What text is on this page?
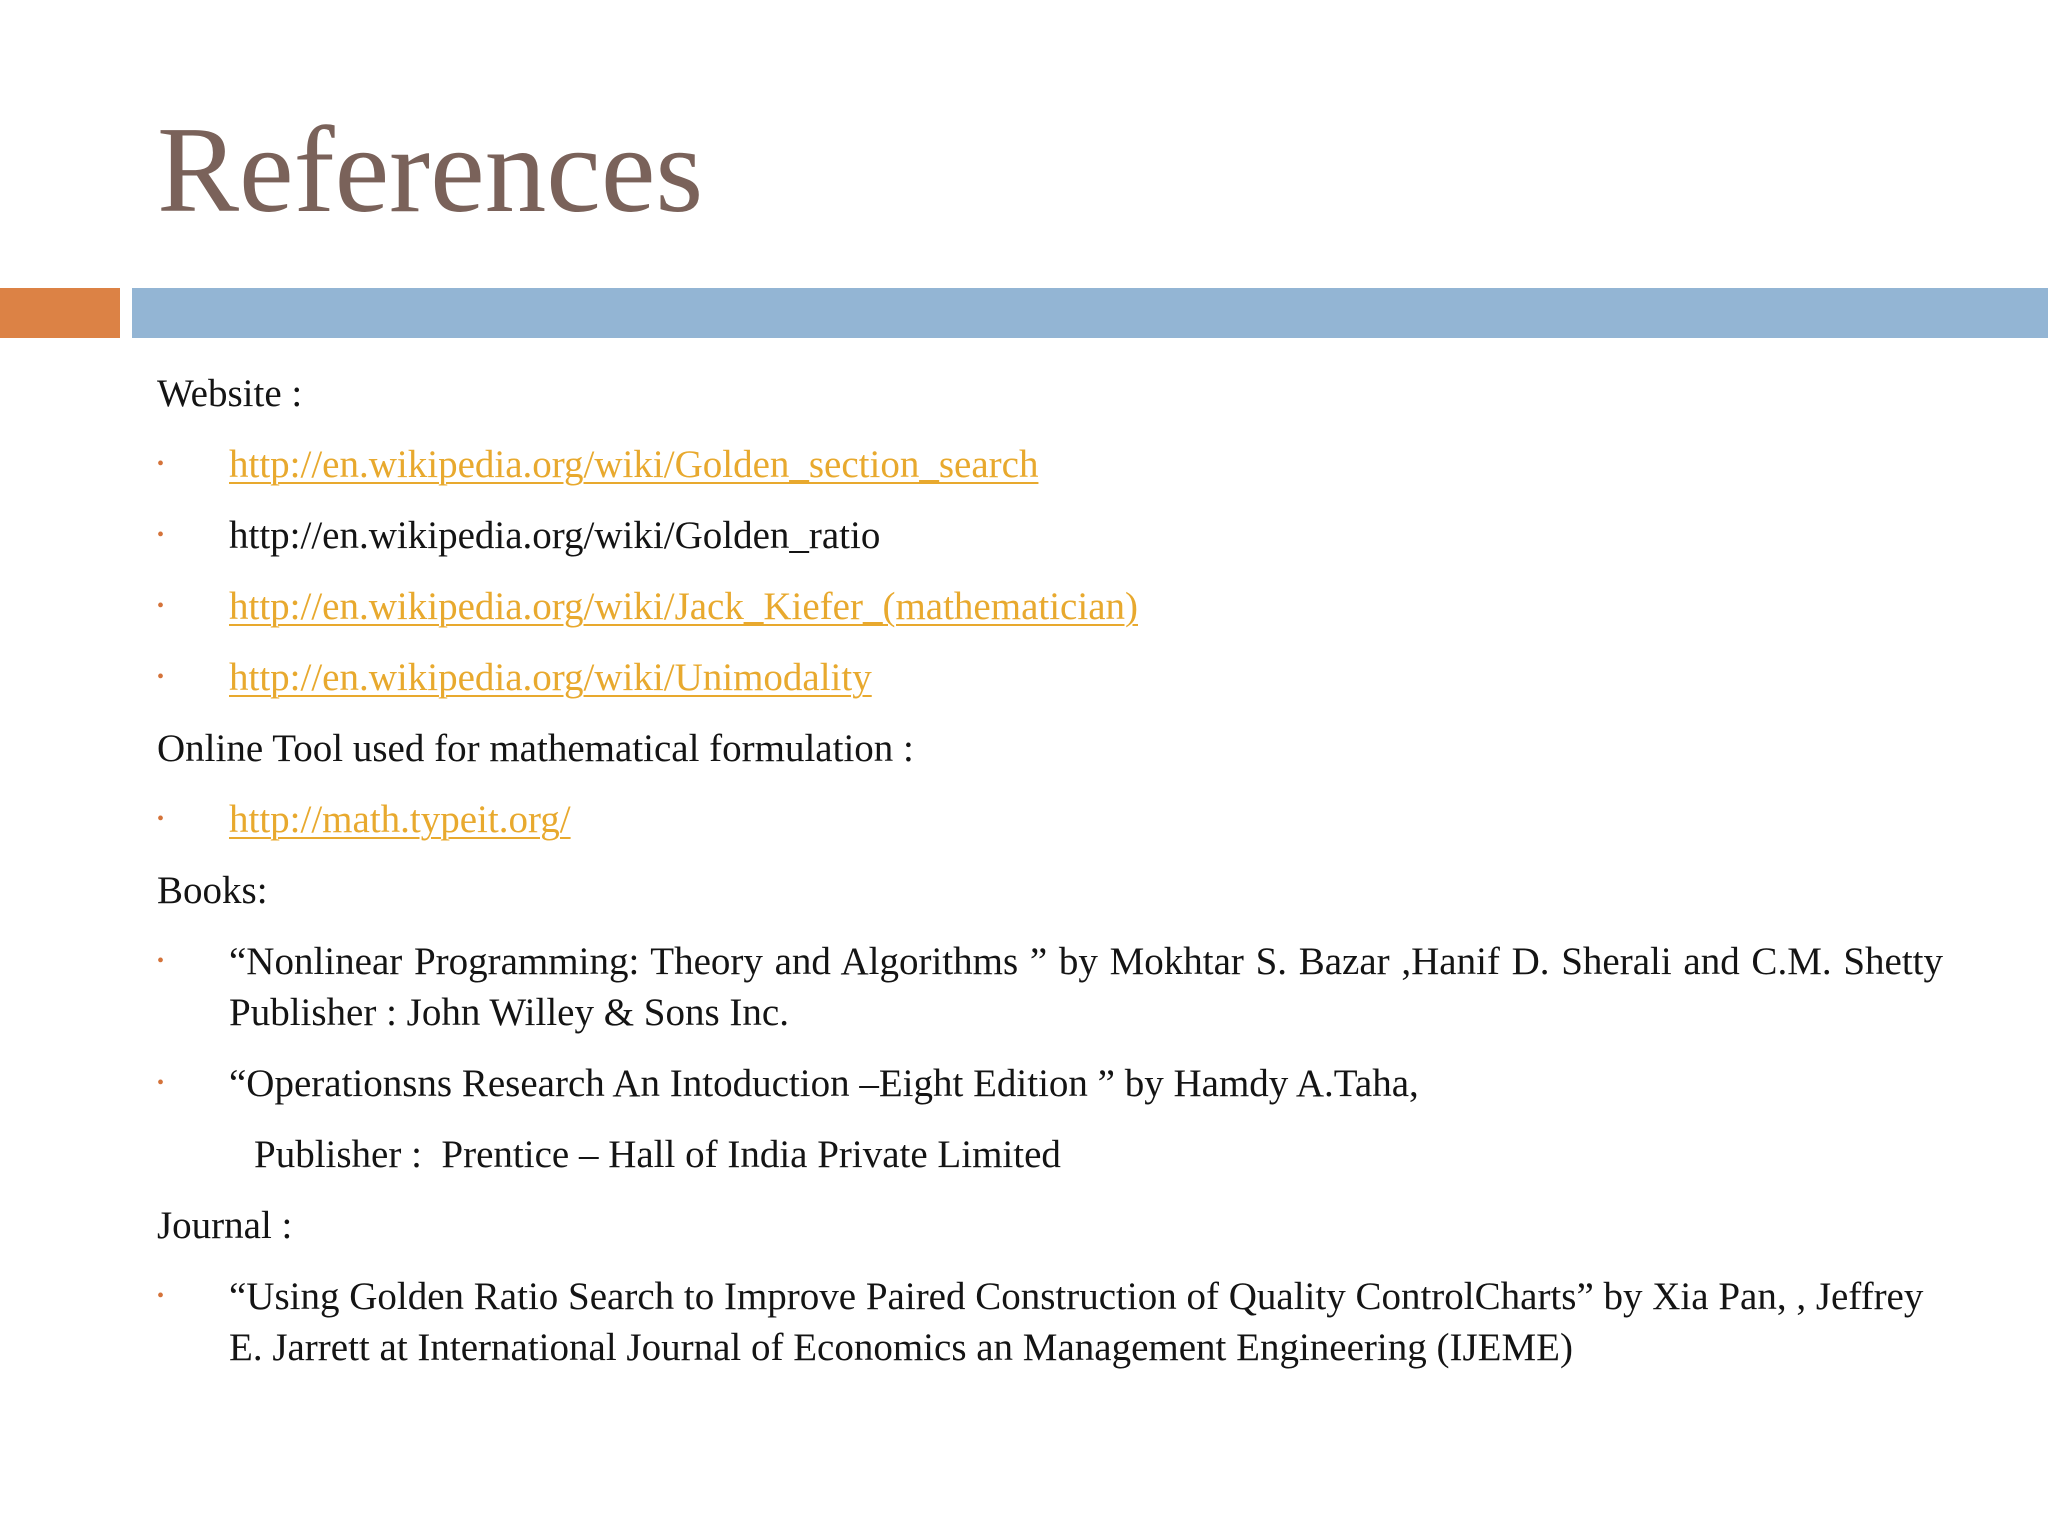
References
Website :
• http://en.wikipedia.org/wiki/Golden_section_search
• http://en.wikipedia.org/wiki/Golden_ratio
• http://en.wikipedia.org/wiki/Jack_Kiefer_(mathematician)
• http://en.wikipedia.org/wiki/Unimodality
Online Tool used for mathematical formulation :
• http://math.typeit.org/
Books:
• “Nonlinear Programming: Theory and Algorithms ” by Mokhtar S. Bazar ,Hanif D. Sherali and C.M. Shetty Publisher : John Willey & Sons Inc.
• “Operationsns Research An Intoduction –Eight Edition ” by Hamdy A.Taha,
Publisher :  Prentice – Hall of India Private Limited
Journal :
• “Using Golden Ratio Search to Improve Paired Construction of Quality ControlCharts” by Xia Pan, , Jeffrey E. Jarrett at International Journal of Economics an Management Engineering (IJEME)
